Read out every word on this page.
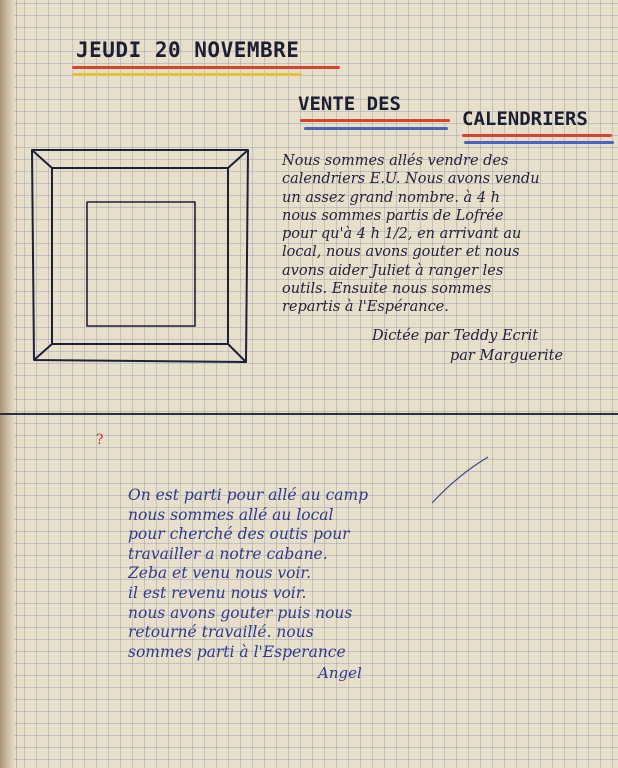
JEUDI 20 NOVEMBRE
VENTE DES
CALENDRIERS
Nous sommes allés vendre des
calendriers E.U. Nous avons vendu
un assez grand nombre. à 4 h
nous sommes partis de Lofrée
pour qu'à 4 h 1/2, en arrivant au
local, nous avons gouter et nous
avons aider Juliet à ranger les
outils. Ensuite nous sommes
repartis à l'Espérance.
Dictée par Teddy Ecrit
par Marguerite
?
On est parti pour allé au camp
nous sommes allé au local
pour cherché des outis pour
travailler a notre cabane.
Zeba et venu nous voir.
il est revenu nous voir.
nous avons gouter puis nous
retourné travaillé. nous
sommes parti à l'Esperance
Angel
